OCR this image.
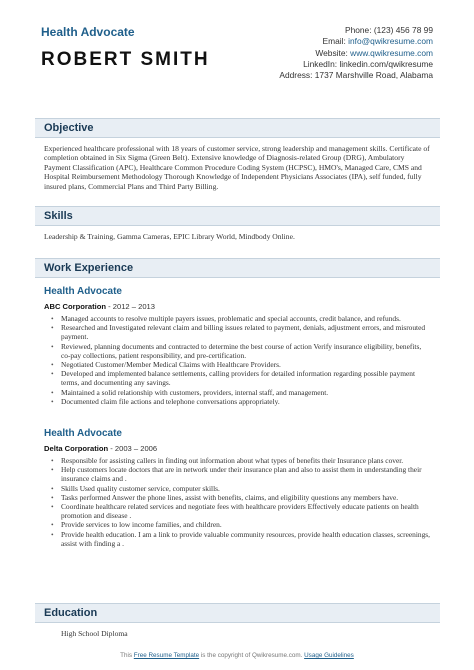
Health Advocate
ROBERT SMITH
Phone: (123) 456 78 99
Email: info@qwikresume.com
Website: www.qwikresume.com
LinkedIn: linkedin.com/qwikresume
Address: 1737 Marshville Road, Alabama
Objective
Experienced healthcare professional with 18 years of customer service, strong leadership and management skills. Certificate of completion obtained in Six Sigma (Green Belt). Extensive knowledge of Diagnosis-related Group (DRG), Ambulatory Payment Classification (APC), Healthcare Common Procedure Coding System (HCPSC), HMO's, Managed Care, CMS and Hospital Reimbursement Methodology Thorough Knowledge of Independent Physicians Associates (IPA), self funded, fully insured plans, Commercial Plans and Third Party Billing.
Skills
Leadership & Training, Gamma Cameras, EPIC Library World, Mindbody Online.
Work Experience
Health Advocate
ABC Corporation - 2012 – 2013
• Managed accounts to resolve multiple payers issues, problematic and special accounts, credit balance, and refunds.
• Researched and Investigated relevant claim and billing issues related to payment, denials, adjustment errors, and misrouted payment.
• Reviewed, planning documents and contracted to determine the best course of action Verify insurance eligibility, benefits, co-pay collections, patient responsibility, and pre-certification.
• Negotiated Customer/Member Medical Claims with Healthcare Providers.
• Developed and implemented balance settlements, calling providers for detailed information regarding possible payment terms, and documenting any savings.
• Maintained a solid relationship with customers, providers, internal staff, and management.
• Documented claim file actions and telephone conversations appropriately.
Health Advocate
Delta Corporation - 2003 – 2006
• Responsible for assisting callers in finding out information about what types of benefits their Insurance plans cover.
• Help customers locate doctors that are in network under their insurance plan and also to assist them in understanding their insurance claims and .
• Skills Used quality customer service, computer skills.
• Tasks performed Answer the phone lines, assist with benefits, claims, and eligibility questions any members have.
• Coordinate healthcare related services and negotiate fees with healthcare providers Effectively educate patients on health promotion and disease .
• Provide services to low income families, and children.
• Provide health education. I am a link to provide valuable community resources, provide health education classes, screenings, assist with finding a .
Education
High School Diploma
This Free Resume Template is the copyright of Qwikresume.com. Usage Guidelines
